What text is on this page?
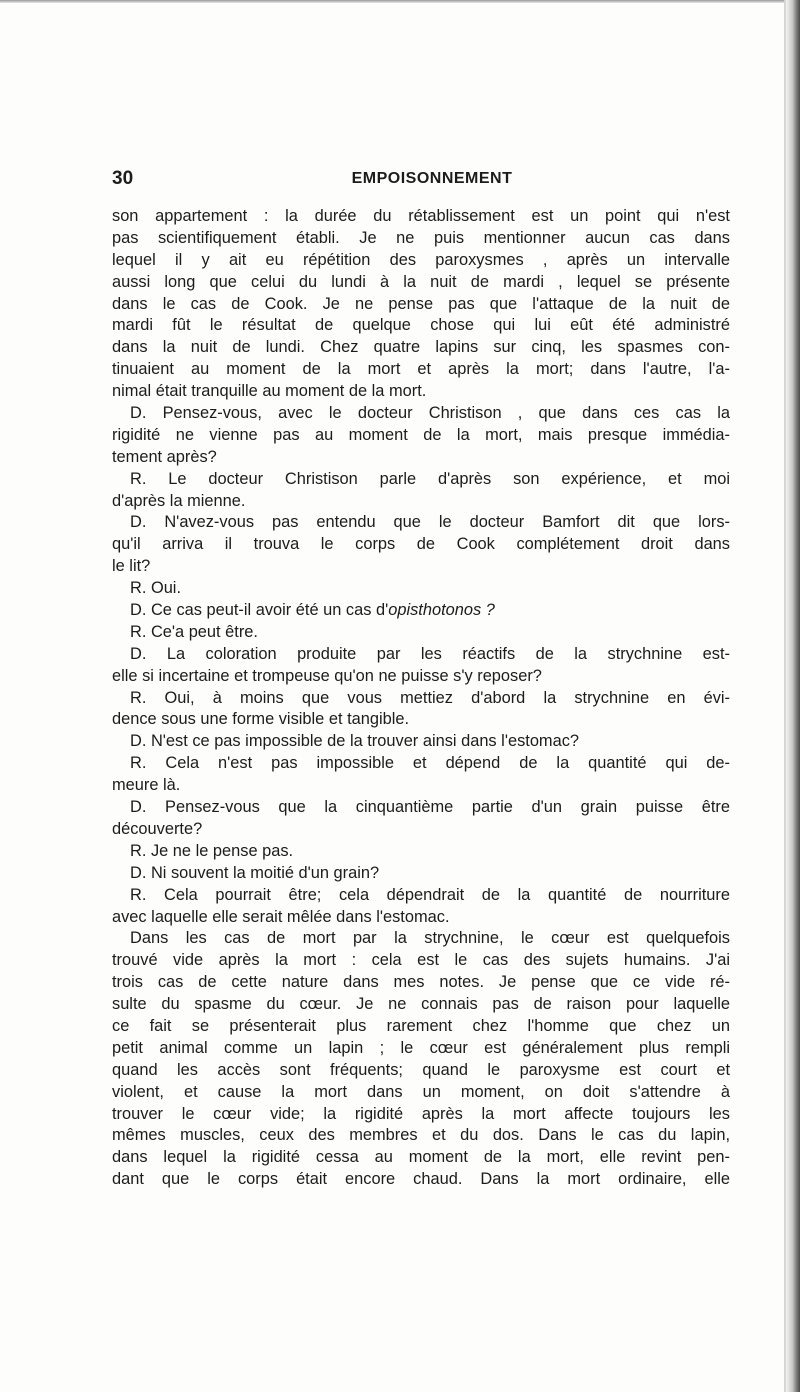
30	EMPOISONNEMENT
son appartement : la durée du rétablissement est un point qui n'est
pas scientifiquement établi. Je ne puis mentionner aucun cas dans
lequel il y ait eu répétition des paroxysmes , après un intervalle
aussi long que celui du lundi à la nuit de mardi , lequel se présente
dans le cas de Cook. Je ne pense pas que l'attaque de la nuit de
mardi fût le résultat de quelque chose qui lui eût été administré
dans la nuit de lundi. Chez quatre lapins sur cinq, les spasmes con-
tinuaient au moment de la mort et après la mort; dans l'autre, l'a-
nimal était tranquille au moment de la mort.
D. Pensez-vous, avec le docteur Christison , que dans ces cas la
rigidité ne vienne pas au moment de la mort, mais presque immédia-
tement après?
R. Le docteur Christison parle d'après son expérience, et moi
d'après la mienne.
D. N'avez-vous pas entendu que le docteur Bamfort dit que lors-
qu'il arriva il trouva le corps de Cook complétement droit dans
le lit?
R. Oui.
D. Ce cas peut-il avoir été un cas d'opisthotonos ?
R. Ce'a peut être.
D. La coloration produite par les réactifs de la strychnine est-
elle si incertaine et trompeuse qu'on ne puisse s'y reposer?
R. Oui, à moins que vous mettiez d'abord la strychnine en évi-
dence sous une forme visible et tangible.
D. N'est ce pas impossible de la trouver ainsi dans l'estomac?
R. Cela n'est pas impossible et dépend de la quantité qui de-
meure là.
D. Pensez-vous que la cinquantième partie d'un grain puisse être
découverte?
R. Je ne le pense pas.
D. Ni souvent la moitié d'un grain?
R. Cela pourrait être; cela dépendrait de la quantité de nourriture
avec laquelle elle serait mêlée dans l'estomac.
Dans les cas de mort par la strychnine, le cœur est quelquefois
trouvé vide après la mort : cela est le cas des sujets humains. J'ai
trois cas de cette nature dans mes notes. Je pense que ce vide ré-
sulte du spasme du cœur. Je ne connais pas de raison pour laquelle
ce fait se présenterait plus rarement chez l'homme que chez un
petit animal comme un lapin ; le cœur est généralement plus rempli
quand les accès sont fréquents; quand le paroxysme est court et
violent, et cause la mort dans un moment, on doit s'attendre à
trouver le cœur vide; la rigidité après la mort affecte toujours les
mêmes muscles, ceux des membres et du dos. Dans le cas du lapin,
dans lequel la rigidité cessa au moment de la mort, elle revint pen-
dant que le corps était encore chaud. Dans la mort ordinaire, elle
